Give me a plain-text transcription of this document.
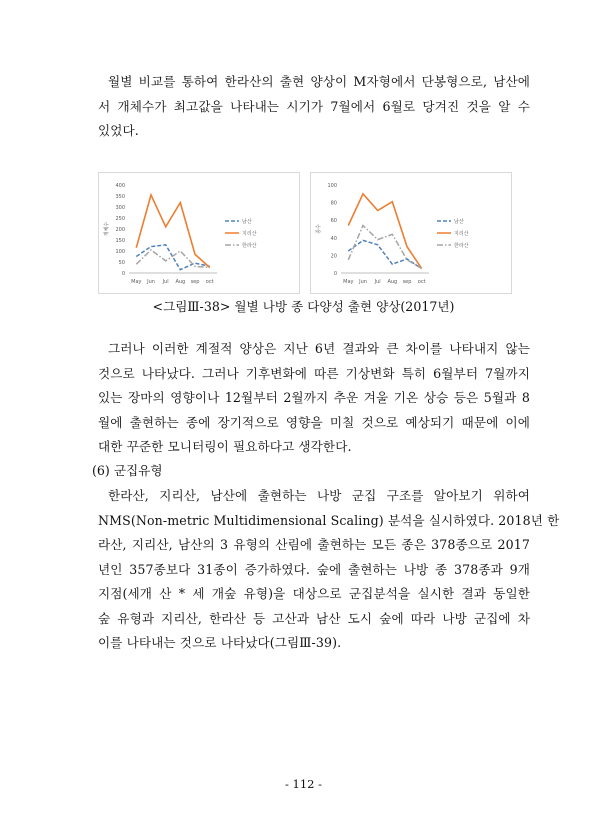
월별 비교를 통하여 한라산의 출현 양상이 M자형에서 단봉형으로, 남산에
서 개체수가 최고값을 나타내는 시기가 7월에서 6월로 당겨진 것을 알 수
있었다.
0
50
100
150
200
250
300
350
400
개체수
May Jun Jul Aug sep oct
남산
지리산
한라산
0
20
40
60
80
100
종수
May Jun Jul Aug sep oct
남산
지리산
한라산
<그림Ⅲ-38> 월별 나방 종 다양성 출현 양상(2017년)
그러나 이러한 계절적 양상은 지난 6년 결과와 큰 차이를 나타내지 않는
것으로 나타났다. 그러나 기후변화에 따른 기상변화 특히 6월부터 7월까지
있는 장마의 영향이나 12월부터 2월까지 추운 겨울 기온 상승 등은 5월과 8
월에 출현하는 종에 장기적으로 영향을 미칠 것으로 예상되기 때문에 이에
대한 꾸준한 모니터링이 필요하다고 생각한다.
(6) 군집유형
한라산, 지리산, 남산에 출현하는 나방 군집 구조를 알아보기 위하여
NMS(Non-metric Multidimensional Scaling) 분석을 실시하였다. 2018년 한
라산, 지리산, 남산의 3 유형의 산림에 출현하는 모든 종은 378종으로 2017
년인 357종보다 31종이 증가하였다. 숲에 출현하는 나방 종 378종과 9개
지점(세개 산 * 세 개숲 유형)을 대상으로 군집분석을 실시한 결과 동일한
숲 유형과 지리산, 한라산 등 고산과 남산 도시 숲에 따라 나방 군집에 차
이를 나타내는 것으로 나타났다(그림Ⅲ-39).
- 112 -
